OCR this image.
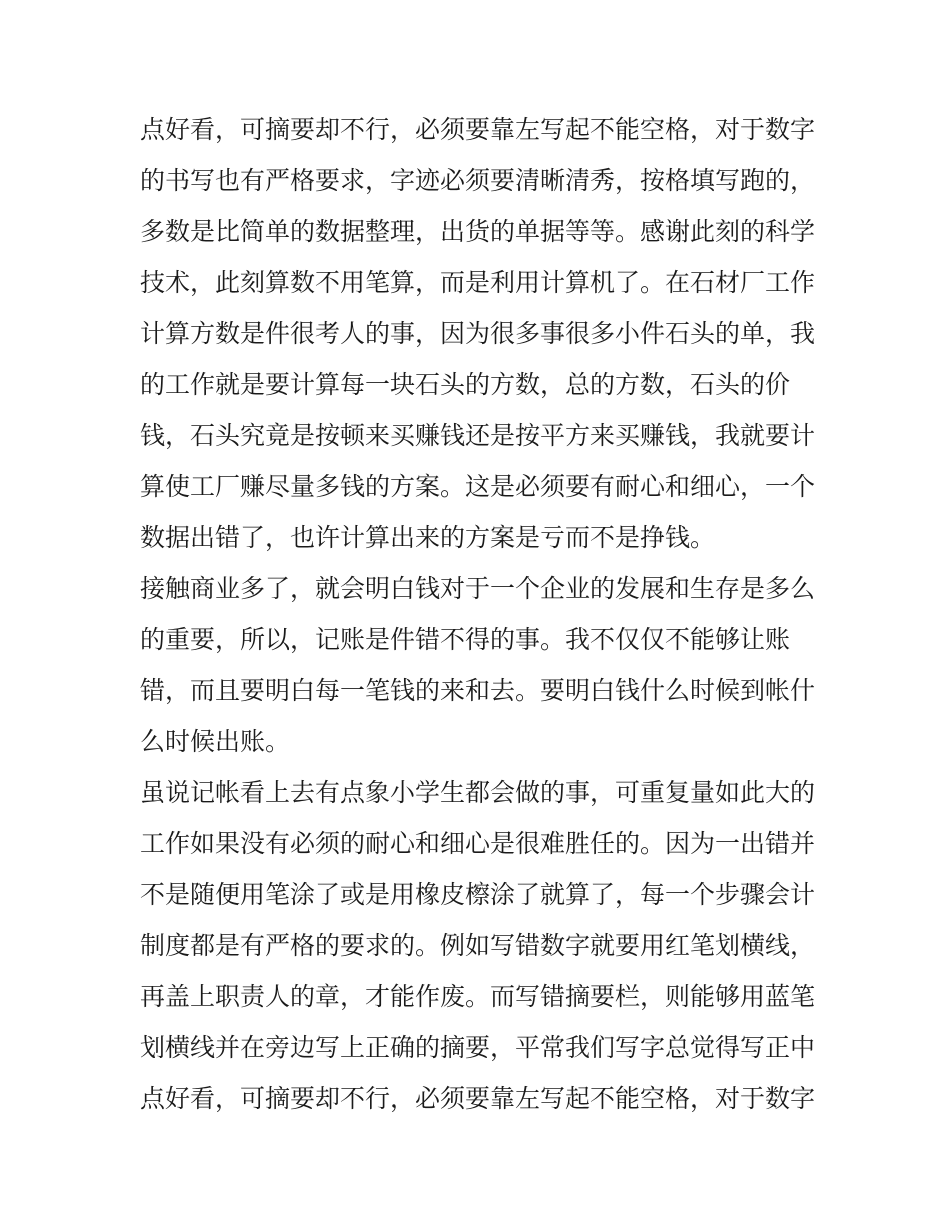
点好看，可摘要却不行，必须要靠左写起不能空格，对于数字
的书写也有严格要求，字迹必须要清晰清秀，按格填写跑的，
多数是比简单的数据整理，出货的单据等等。感谢此刻的科学
技术，此刻算数不用笔算，而是利用计算机了。在石材厂工作
计算方数是件很考人的事，因为很多事很多小件石头的单，我
的工作就是要计算每一块石头的方数，总的方数，石头的价
钱，石头究竟是按顿来买赚钱还是按平方来买赚钱，我就要计
算使工厂赚尽量多钱的方案。这是必须要有耐心和细心，一个
数据出错了，也许计算出来的方案是亏而不是挣钱。
接触商业多了，就会明白钱对于一个企业的发展和生存是多么
的重要，所以，记账是件错不得的事。我不仅仅不能够让账
错，而且要明白每一笔钱的来和去。要明白钱什么时候到帐什
么时候出账。
虽说记帐看上去有点象小学生都会做的事，可重复量如此大的
工作如果没有必须的耐心和细心是很难胜任的。因为一出错并
不是随便用笔涂了或是用橡皮檫涂了就算了，每一个步骤会计
制度都是有严格的要求的。例如写错数字就要用红笔划横线，
再盖上职责人的章，才能作废。而写错摘要栏，则能够用蓝笔
划横线并在旁边写上正确的摘要，平常我们写字总觉得写正中
点好看，可摘要却不行，必须要靠左写起不能空格，对于数字
